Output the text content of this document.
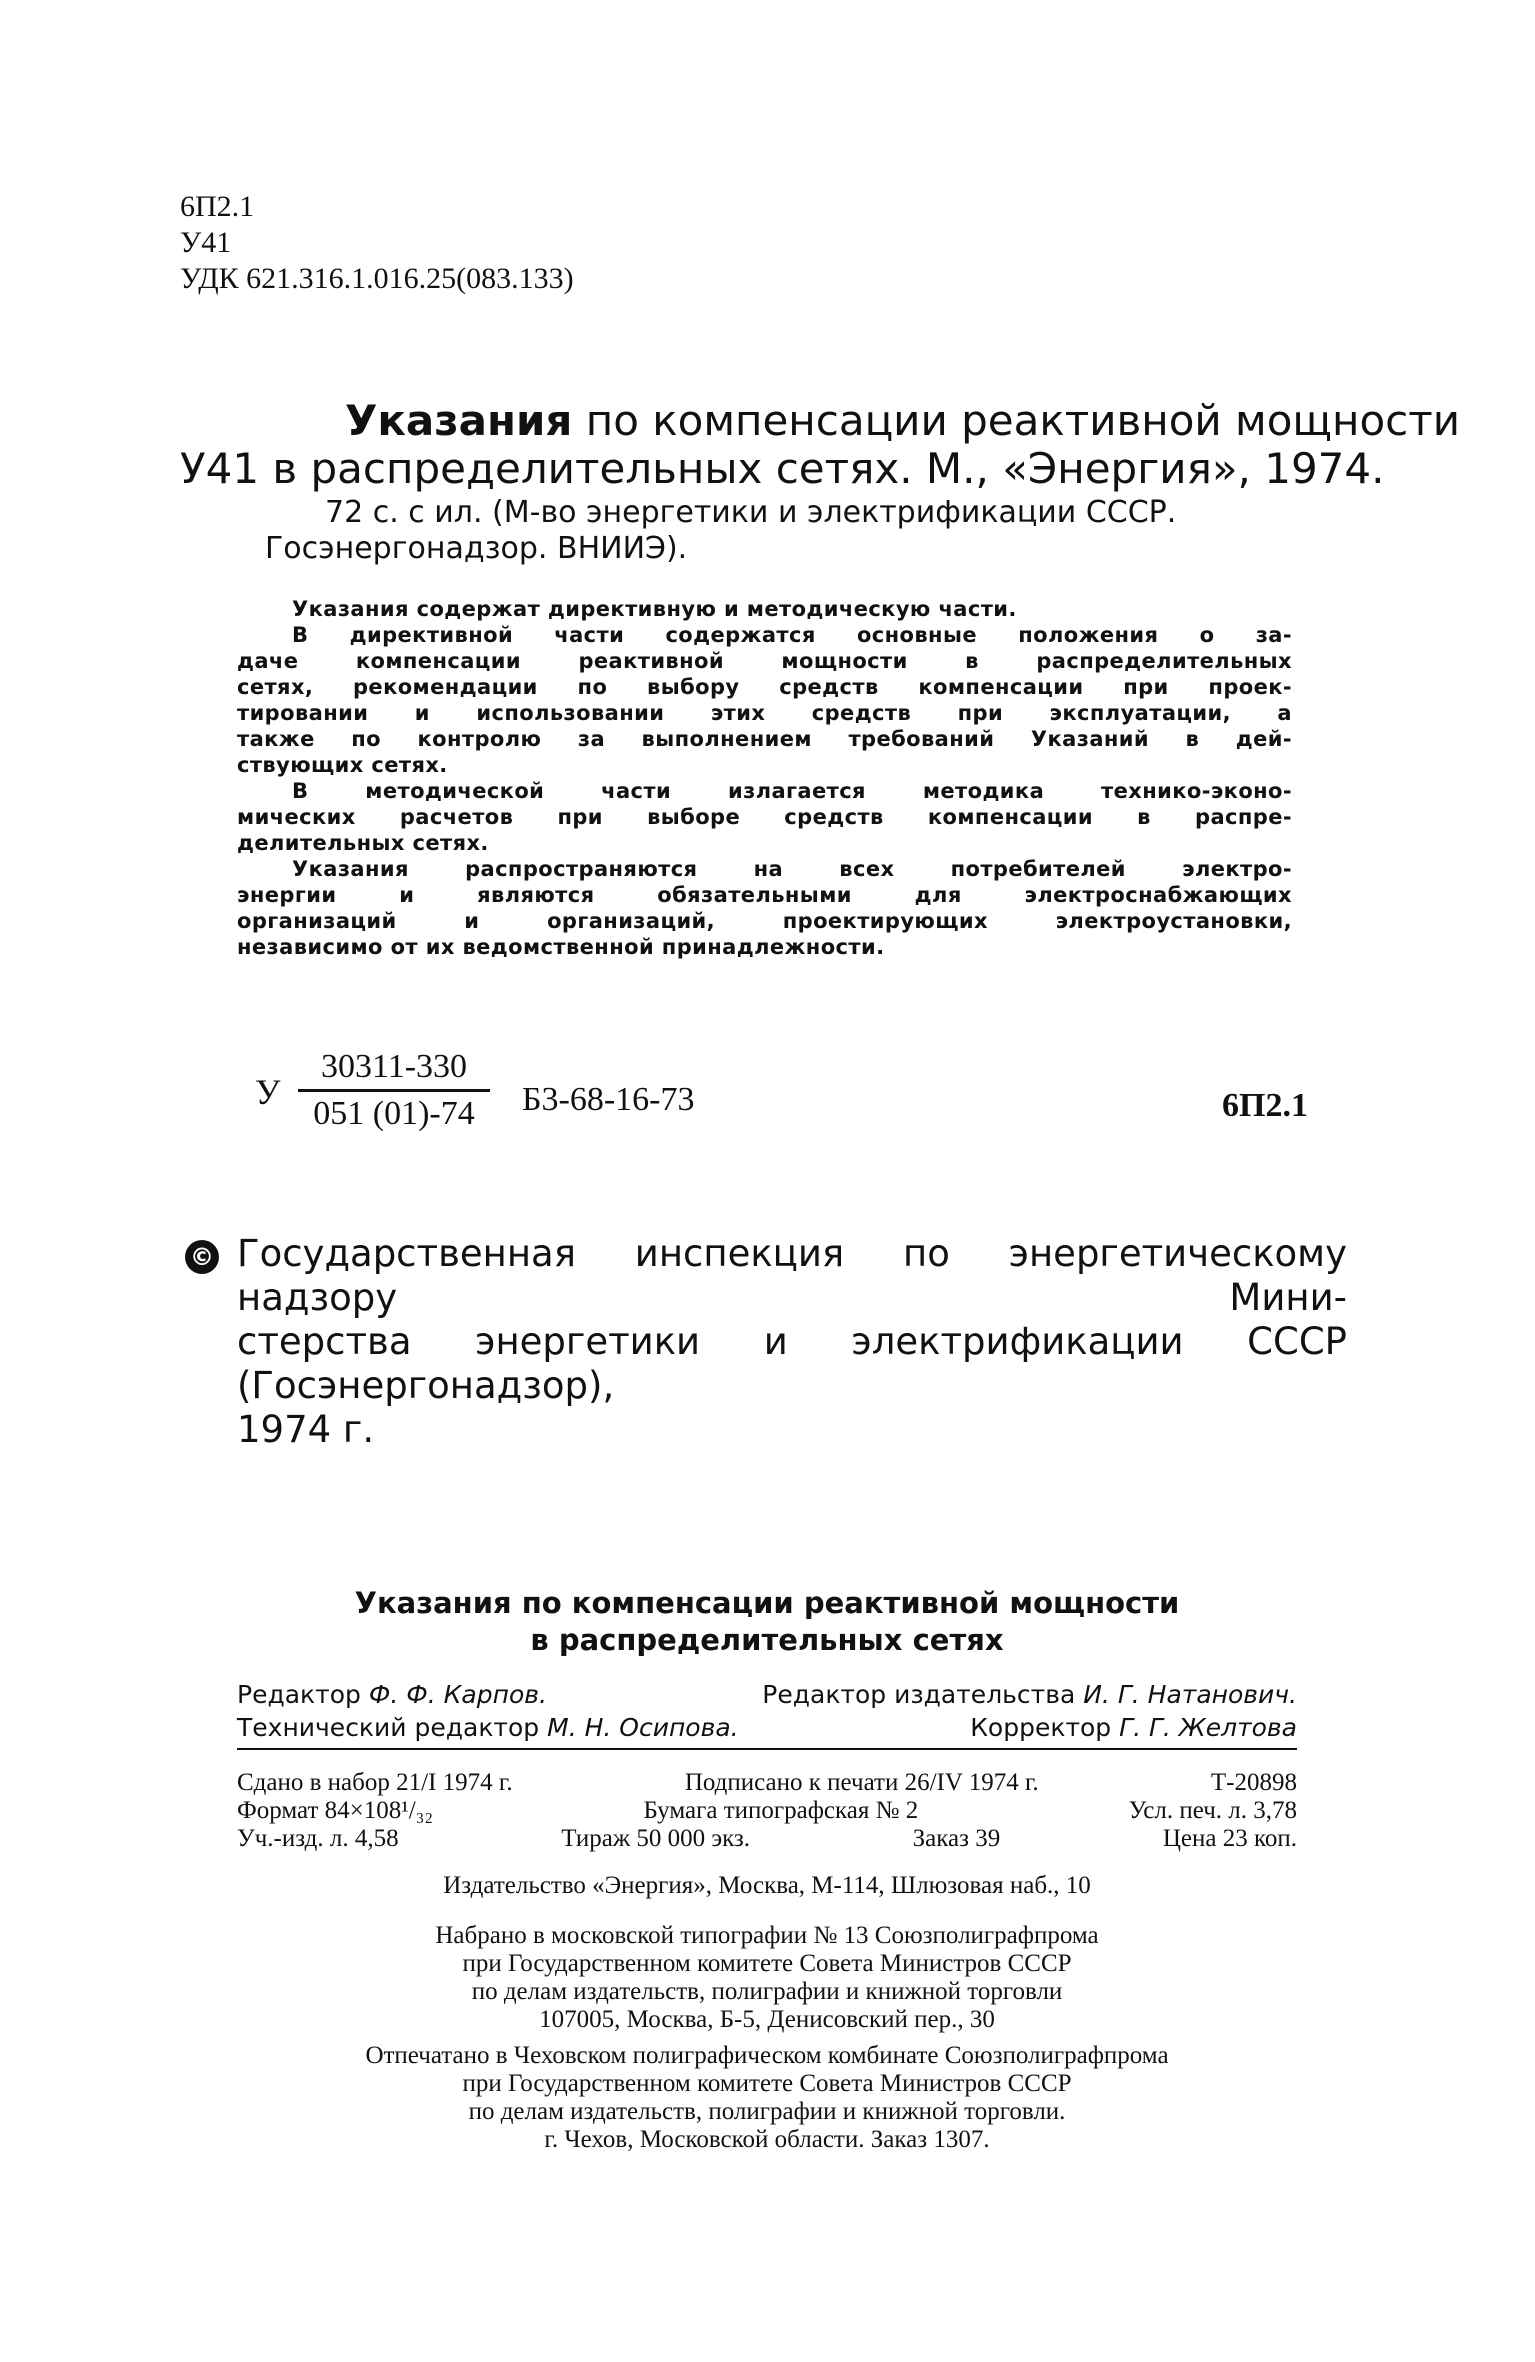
6П2.1
У41
УДК 621.316.1.016.25(083.133)
Указания по компенсации реактивной мощности
У41 в распределительных сетях. М., «Энергия», 1974.
72 с. с ил. (М-во энергетики и электрификации СССР.
Госэнергонадзор. ВНИИЭ).

Указания содержат директивную и методическую части.

В директивной части содержатся основные положения о за-

даче компенсации реактивной мощности в распределительных

сетях, рекомендации по выбору средств компенсации при проек-

тировании и использовании этих средств при эксплуатации, а

также по контролю за выполнением требований Указаний в дей-

ствующих сетях.

В методической части излагается методика технико-эконо-

мических расчетов при выборе средств компенсации в распре-

делительных сетях.

Указания распространяются на всех потребителей электро-

энергии и являются обязательными для электроснабжающих

организаций и организаций, проектирующих электроустановки,

независимо от их ведомственной принадлежности.

У
30311-330
051 (01)-74	Б3-68-16-73	6П2.1
© Государственная инспекция по энергетическому надзору Мини-
стерства энергетики и электрификации СССР (Госэнергонадзор),
1974 г.
Указания по компенсации реактивной мощности
в распределительных сетях
Редактор Ф. Ф. Карпов.	Редактор издательства И. Г. Натанович.
Технический редактор М. Н. Осипова.	Корректор Г. Г. Желтова
Сдано в набор 21/I 1974 г.	Подписано к печати 26/IV 1974 г.	Т-20898
Формат 84×108¹/₃₂	Бумага типографская № 2	Усл. печ. л. 3,78
Уч.-изд. л. 4,58	Тираж 50 000 экз.	Заказ 39	Цена 23 коп.
Издательство «Энергия», Москва, М-114, Шлюзовая наб., 10
Набрано в московской типографии № 13 Союзполиграфпрома
при Государственном комитете Совета Министров СССР
по делам издательств, полиграфии и книжной торговли
107005, Москва, Б-5, Денисовский пер., 30
Отпечатано в Чеховском полиграфическом комбинате Союзполиграфпрома
при Государственном комитете Совета Министров СССР
по делам издательств, полиграфии и книжной торговли.
г. Чехов, Московской области. Заказ 1307.
